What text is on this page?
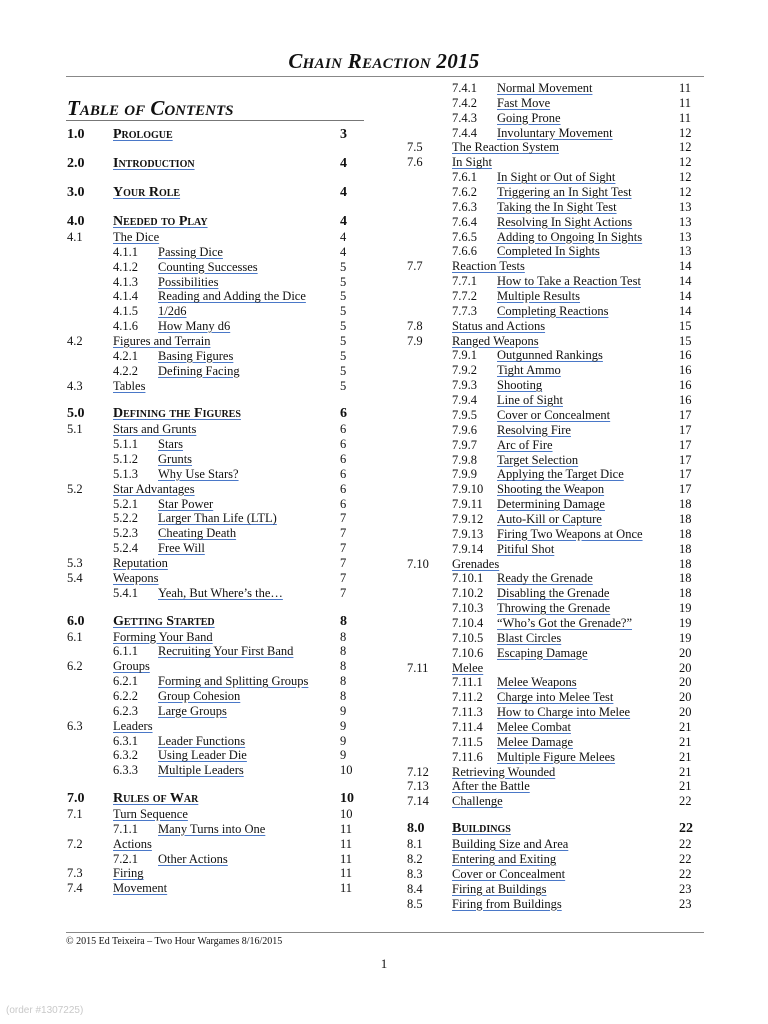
Chain Reaction 2015
Table of Contents
1.0 Prologue	3
2.0 Introduction	4
3.0 Your Role	4
4.0 Needed to Play	4
4.1 The Dice	4
4.1.1 Passing Dice	4
4.1.2 Counting Successes	5
4.1.3 Possibilities	5
4.1.4 Reading and Adding the Dice	5
4.1.5 1/2d6	5
4.1.6 How Many d6	5
4.2 Figures and Terrain	5
4.2.1 Basing Figures	5
4.2.2 Defining Facing	5
4.3 Tables	5
5.0 Defining the Figures	6
5.1 Stars and Grunts	6
5.1.1 Stars	6
5.1.2 Grunts	6
5.1.3 Why Use Stars?	6
5.2 Star Advantages	6
5.2.1 Star Power	6
5.2.2 Larger Than Life (LTL)	7
5.2.3 Cheating Death	7
5.2.4 Free Will	7
5.3 Reputation	7
5.4 Weapons	7
5.4.1 Yeah, But Where’s the…	7
6.0 Getting Started	8
6.1 Forming Your Band	8
6.1.1 Recruiting Your First Band	8
6.2 Groups	8
6.2.1 Forming and Splitting Groups	8
6.2.2 Group Cohesion	8
6.2.3 Large Groups	9
6.3 Leaders	9
6.3.1 Leader Functions	9
6.3.2 Using Leader Die	9
6.3.3 Multiple Leaders	10
7.0 Rules of War	10
7.1 Turn Sequence	10
7.1.1 Many Turns into One	11
7.2 Actions	11
7.2.1 Other Actions	11
7.3 Firing	11
7.4 Movement	11
7.4.1 Normal Movement	11
7.4.2 Fast Move	11
7.4.3 Going Prone	11
7.4.4 Involuntary Movement	12
7.5 The Reaction System	12
7.6 In Sight	12
7.6.1 In Sight or Out of Sight	12
7.6.2 Triggering an In Sight Test	12
7.6.3 Taking the In Sight Test	13
7.6.4 Resolving In Sight Actions	13
7.6.5 Adding to Ongoing In Sights	13
7.6.6 Completed In Sights	13
7.7 Reaction Tests	14
7.7.1 How to Take a Reaction Test	14
7.7.2 Multiple Results	14
7.7.3 Completing Reactions	14
7.8 Status and Actions	15
7.9 Ranged Weapons	15
7.9.1 Outgunned Rankings	16
7.9.2 Tight Ammo	16
7.9.3 Shooting	16
7.9.4 Line of Sight	16
7.9.5 Cover or Concealment	17
7.9.6 Resolving Fire	17
7.9.7 Arc of Fire	17
7.9.8 Target Selection	17
7.9.9 Applying the Target Dice	17
7.9.10 Shooting the Weapon	17
7.9.11 Determining Damage	18
7.9.12 Auto-Kill or Capture	18
7.9.13 Firing Two Weapons at Once	18
7.9.14 Pitiful Shot	18
7.10 Grenades	18
7.10.1 Ready the Grenade	18
7.10.2 Disabling the Grenade	18
7.10.3 Throwing the Grenade	19
7.10.4 “Who’s Got the Grenade?”	19
7.10.5 Blast Circles	19
7.10.6 Escaping Damage	20
7.11 Melee	20
7.11.1 Melee Weapons	20
7.11.2 Charge into Melee Test	20
7.11.3 How to Charge into Melee	20
7.11.4 Melee Combat	21
7.11.5 Melee Damage	21
7.11.6 Multiple Figure Melees	21
7.12 Retrieving Wounded	21
7.13 After the Battle	21
7.14 Challenge	22
8.0 Buildings	22
8.1 Building Size and Area	22
8.2 Entering and Exiting	22
8.3 Cover or Concealment	22
8.4 Firing at Buildings	23
8.5 Firing from Buildings	23
© 2015 Ed Teixeira – Two Hour Wargames 8/16/2015
1
(order #1307225)
